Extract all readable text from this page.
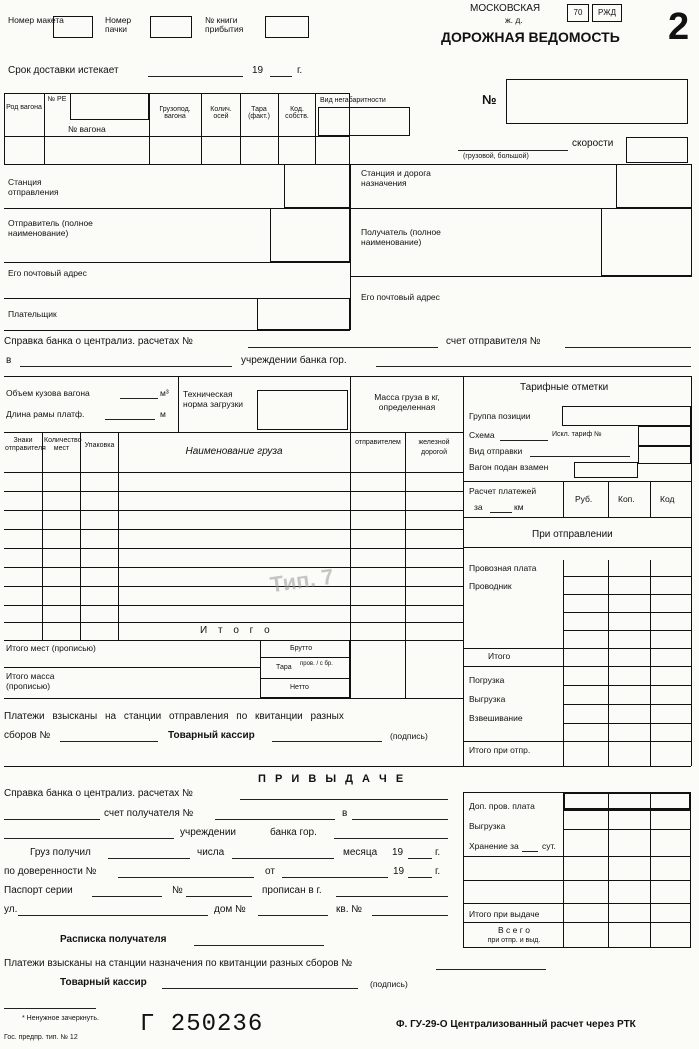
Номер макета	Номер пачки
№ книги прибытия
МОСКОВСКАЯ
ж. д.
70	РЖД
ДОРОЖНАЯ ВЕДОМОСТЬ 2
Срок доставки истекает	19	г.
Род вагона
№ РЕ
№ вагона
Грузопод. вагона
Колич. осей
Тара (факт.)
Код. собств.
Вид негабаритности	№
скорости
(грузовой, большой)
Станция отправления
Станция и дорога назначения
Отправитель (полное наименование)
Его почтовый адрес
Получатель (полное наименование)
Его почтовый адрес
Плательщик
Справка банка о централиз. расчетах №	счет отправителя №
в	учреждении банка гор.
Объем кузова вагона	м³
Длина рамы платф.	м
Техническая норма загрузки
Масса груза в кг, определенная
Знаки отправителя
Количество мест	Упаковка
Наименование груза
отправителем	железной дорогой
И т о г о
Итого мест (прописью)
Итого масса (прописью)
Брутто
Тара пров. / с бр.
Нетто
Тип. 7
Тарифные отметки
Группа позиции
Схема	Искл. тариф №
Вид отправки
Вагон подан взамен
Расчет платежей
за	км
Руб.	Коп.	Код
При отправлении
Провозная плата
Проводник
Итого
Погрузка
Выгрузка
Взвешивание
Итого при отпр.
Платежи взысканы на станции отправления по квитанции разных
сборов №	Товарный кассир	(подпись)
П Р И В Ы Д А Ч Е
Справка банка о централиз. расчетах №
счет получателя №	в
учреждении	банка гор.
Груз получил	числа	месяца 19	г.
по доверенности №	от	19	г.
Паспорт серии	№	прописан в г.
ул.	дом №	кв. №
Расписка получателя
Доп. пров. плата
Выгрузка
Хранение за	сут.
Итого при выдаче
В с е г о
при отпр. и выд.
Платежи взысканы на станции назначения по квитанции разных сборов №
Товарный кассир	(подпись)
* Ненужное зачеркнуть.
Гос. предпр. тип. № 12	Г 250236	Ф. ГУ-29-О Централизованный расчет через РТК
